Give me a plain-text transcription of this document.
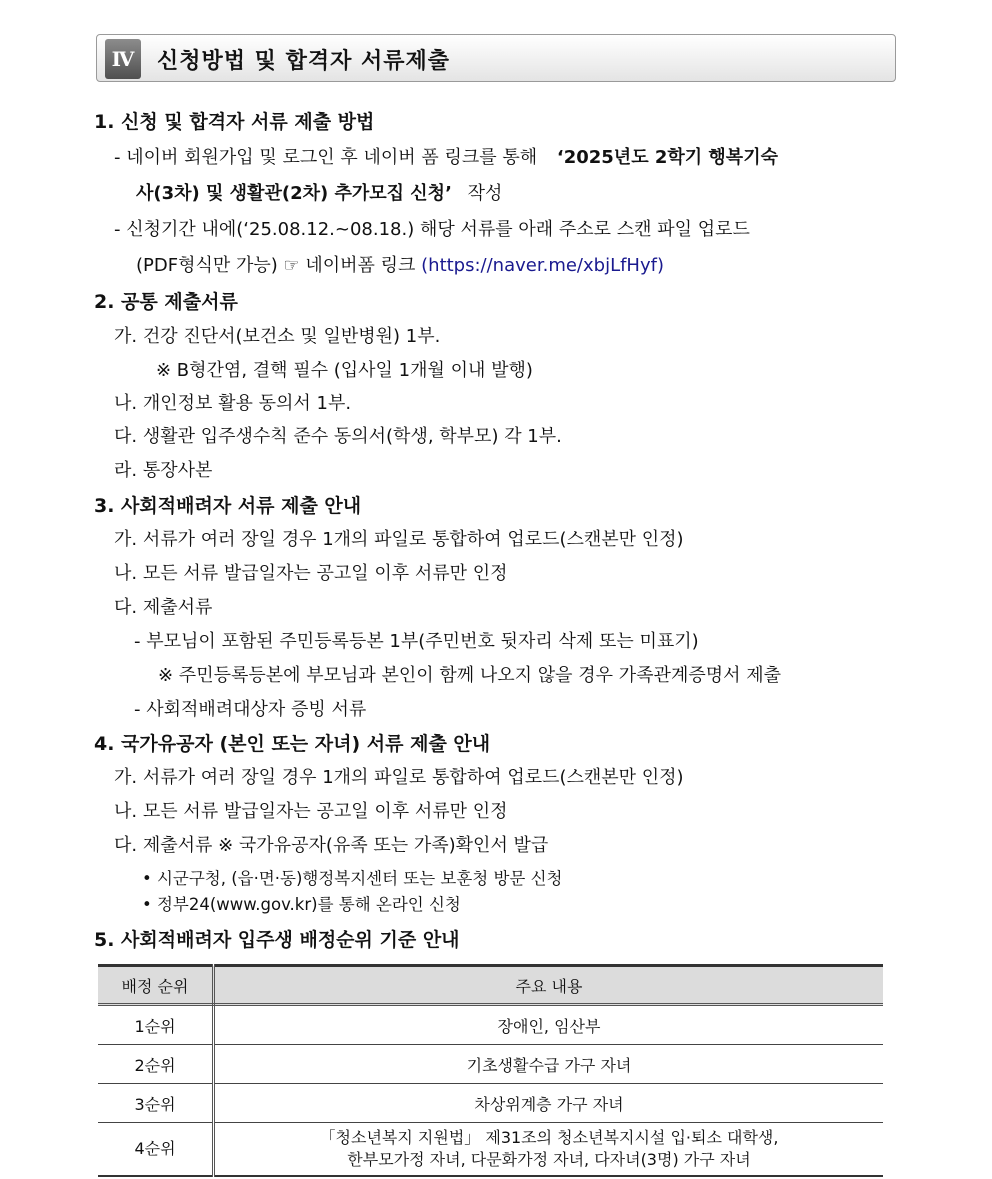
Ⅳ	신청방법 및 합격자 서류제출
1. 신청 및 합격자 서류 제출 방법
- 네이버 회원가입 및 로그인 후 네이버 폼 링크를 통해 ‘2025년도 2학기 행복기숙
사(3차) 및 생활관(2차) 추가모집 신청’ 작성
- 신청기간 내에(‘25.08.12.~08.18.) 해당 서류를 아래 주소로 스캔 파일 업로드
(PDF형식만 가능) ☞ 네이버폼 링크 (https://naver.me/xbjLfHyf)
2. 공통 제출서류
가. 건강 진단서(보건소 및 일반병원) 1부.
※ B형간염, 결핵 필수 (입사일 1개월 이내 발행)
나. 개인정보 활용 동의서 1부.
다. 생활관 입주생수칙 준수 동의서(학생, 학부모) 각 1부.
라. 통장사본
3. 사회적배려자 서류 제출 안내
가. 서류가 여러 장일 경우 1개의 파일로 통합하여 업로드(스캔본만 인정)
나. 모든 서류 발급일자는 공고일 이후 서류만 인정
다. 제출서류
- 부모님이 포함된 주민등록등본 1부(주민번호 뒷자리 삭제 또는 미표기)
※ 주민등록등본에 부모님과 본인이 함께 나오지 않을 경우 가족관계증명서 제출
- 사회적배려대상자 증빙 서류
4. 국가유공자 (본인 또는 자녀) 서류 제출 안내
가. 서류가 여러 장일 경우 1개의 파일로 통합하여 업로드(스캔본만 인정)
나. 모든 서류 발급일자는 공고일 이후 서류만 인정
다. 제출서류 ※ 국가유공자(유족 또는 가족)확인서 발급
• 시군구청, (읍·면·동)행정복지센터 또는 보훈청 방문 신청
• 정부24(www.gov.kr)를 통해 온라인 신청
5. 사회적배려자 입주생 배정순위 기준 안내
배정 순위	주요 내용
1순위	장애인, 임산부
2순위	기초생활수급 가구 자녀
3순위	차상위계층 가구 자녀
4순위	「청소년복지 지원법」 제31조의 청소년복지시설 입·퇴소 대학생,
한부모가정 자녀, 다문화가정 자녀, 다자녀(3명) 가구 자녀
